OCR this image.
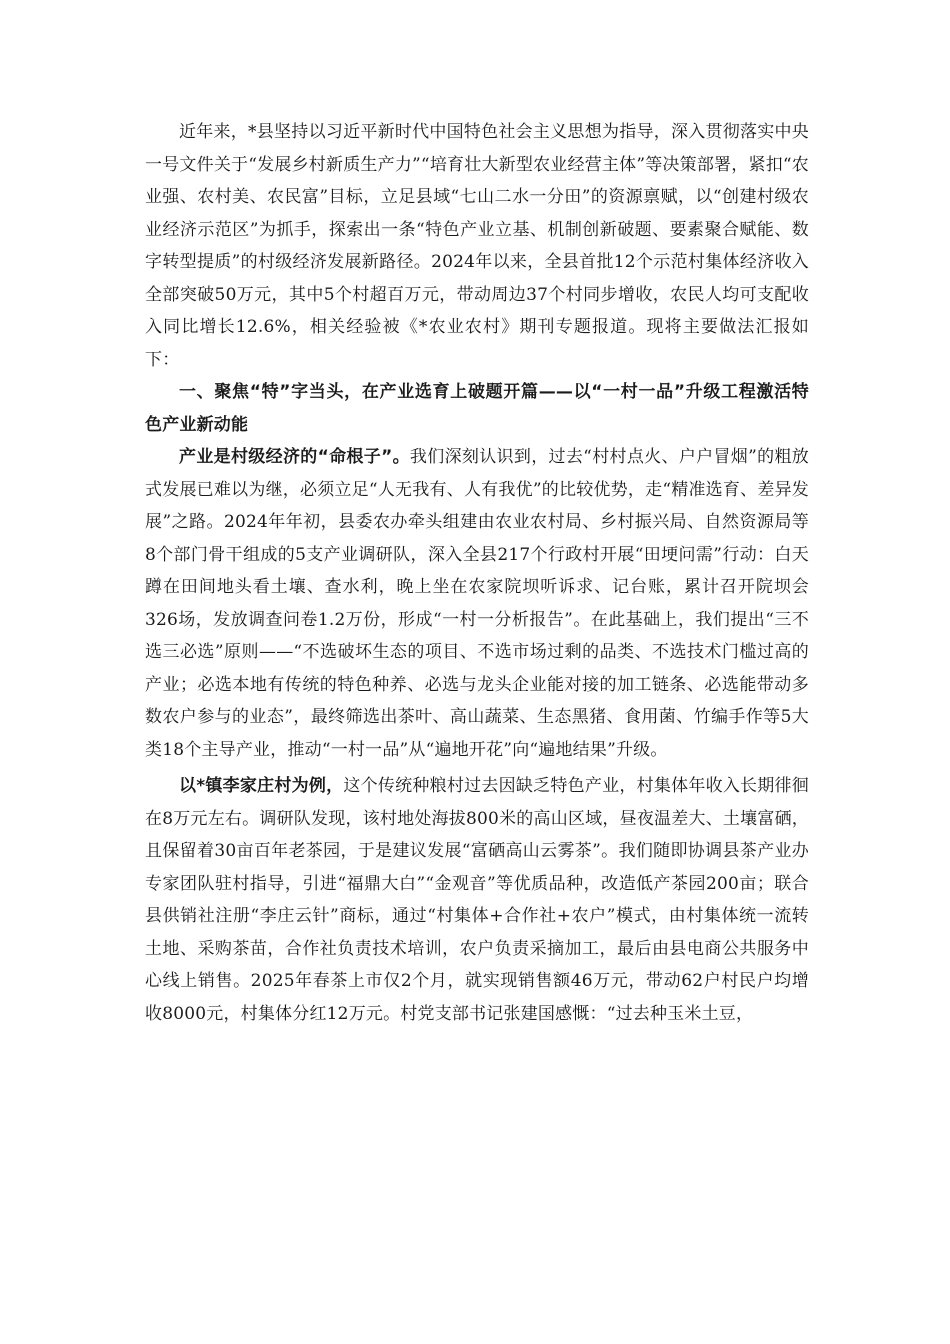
近年来，*县坚持以习近平新时代中国特色社会主义思想为指导，深入贯彻落实中央一号文件关于“发展乡村新质生产力”“培育壮大新型农业经营主体”等决策部署，紧扣“农业强、农村美、农民富”目标，立足县域“七山二水一分田”的资源禀赋，以“创建村级农业经济示范区”为抓手，探索出一条“特色产业立基、机制创新破题、要素聚合赋能、数字转型提质”的村级经济发展新路径。2024年以来，全县首批12个示范村集体经济收入全部突破50万元，其中5个村超百万元，带动周边37个村同步增收，农民人均可支配收入同比增长12.6%，相关经验被《*农业农村》期刊专题报道。现将主要做法汇报如下：

一、聚焦“特”字当头，在产业选育上破题开篇——以“一村一品”升级工程激活特色产业新动能

产业是村级经济的“命根子”。我们深刻认识到，过去“村村点火、户户冒烟”的粗放式发展已难以为继，必须立足“人无我有、人有我优”的比较优势，走“精准选育、差异发展”之路。2024年年初，县委农办牵头组建由农业农村局、乡村振兴局、自然资源局等8个部门骨干组成的5支产业调研队，深入全县217个行政村开展“田埂问需”行动：白天蹲在田间地头看土壤、查水利，晚上坐在农家院坝听诉求、记台账，累计召开院坝会326场，发放调查问卷1.2万份，形成“一村一分析报告”。在此基础上，我们提出“三不选三必选”原则——“不选破坏生态的项目、不选市场过剩的品类、不选技术门槛过高的产业；必选本地有传统的特色种养、必选与龙头企业能对接的加工链条、必选能带动多数农户参与的业态”，最终筛选出茶叶、高山蔬菜、生态黑猪、食用菌、竹编手作等5大类18个主导产业，推动“一村一品”从“遍地开花”向“遍地结果”升级。

以*镇李家庄村为例，这个传统种粮村过去因缺乏特色产业，村集体年收入长期徘徊在8万元左右。调研队发现，该村地处海拔800米的高山区域，昼夜温差大、土壤富硒，且保留着30亩百年老茶园，于是建议发展“富硒高山云雾茶”。我们随即协调县茶产业办专家团队驻村指导，引进“福鼎大白”“金观音”等优质品种，改造低产茶园200亩；联合县供销社注册“李庄云针”商标，通过“村集体+合作社+农户”模式，由村集体统一流转土地、采购茶苗，合作社负责技术培训，农户负责采摘加工，最后由县电商公共服务中心线上销售。2025年春茶上市仅2个月，就实现销售额46万元，带动62户村民户均增收8000元，村集体分红12万元。村党支部书记张建国感慨：“过去种玉米土豆，
